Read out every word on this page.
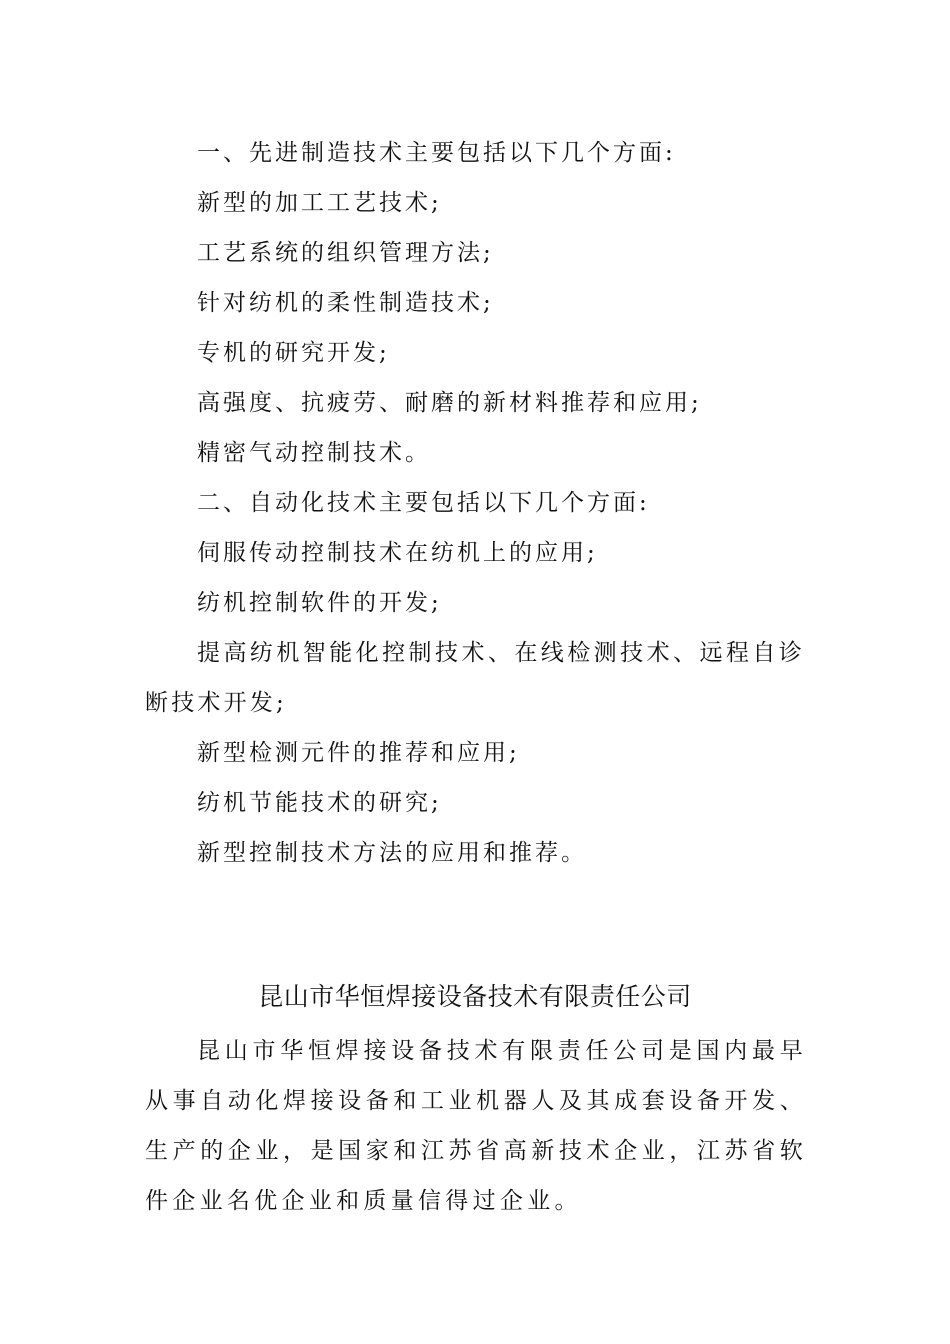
一、先进制造技术主要包括以下几个方面:
新型的加工工艺技术;
工艺系统的组织管理方法;
针对纺机的柔性制造技术;
专机的研究开发;
高强度、抗疲劳、耐磨的新材料推荐和应用;
精密气动控制技术。
二、自动化技术主要包括以下几个方面:
伺服传动控制技术在纺机上的应用;
纺机控制软件的开发;

提高纺机智能化控制技术、在线检测技术、远程自诊断技术开发;

新型检测元件的推荐和应用;
纺机节能技术的研究;
新型控制技术方法的应用和推荐。
昆山市华恒焊接设备技术有限责任公司

昆山市华恒焊接设备技术有限责任公司是国内最早从事自动化焊接设备和工业机器人及其成套设备开发、生产的企业，是国家和江苏省高新技术企业，江苏省软件企业名优企业和质量信得过企业。
